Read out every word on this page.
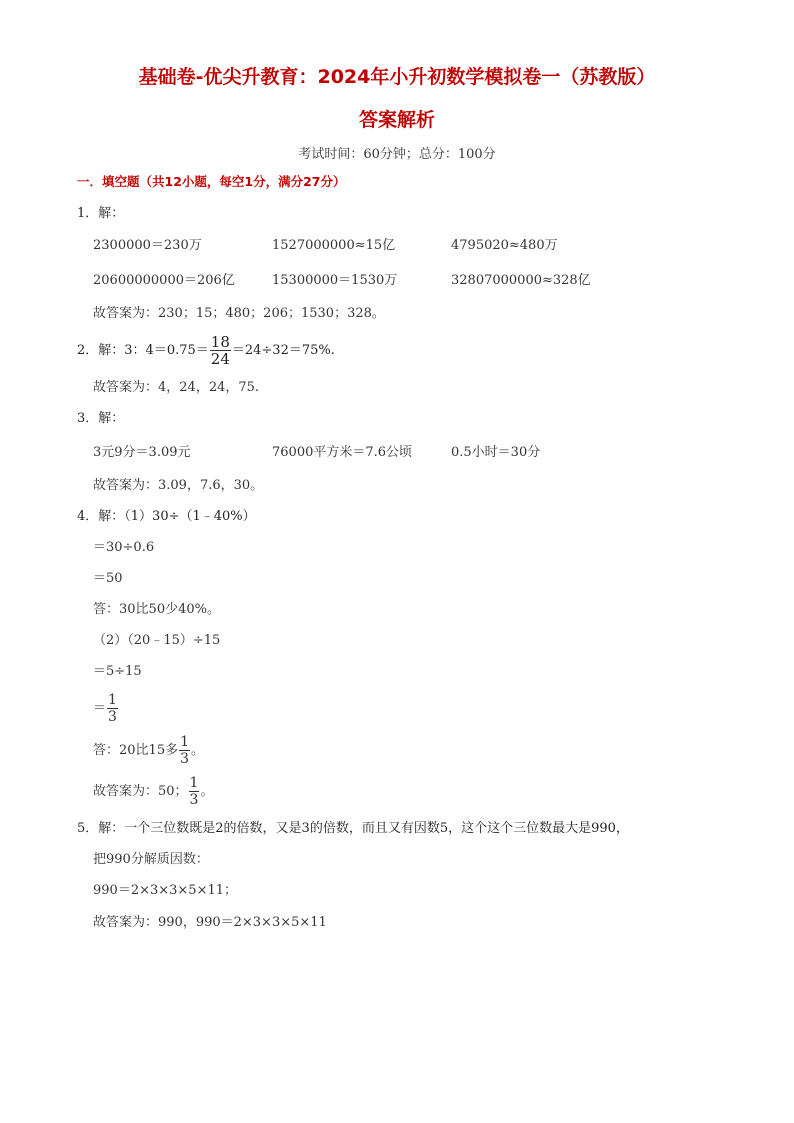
基础卷-优尖升教育：2024年小升初数学模拟卷一（苏教版）
答案解析
考试时间：60分钟；总分：100分
一．填空题（共12小题，每空1分，满分27分）
1．解：
2300000＝230万	1527000000≈15亿	4795020≈480万
20600000000＝206亿	15300000＝1530万	32807000000≈328亿
故答案为：230；15；480；206；1530；328。
2．解：3：$4=0.75= \frac{18}{24} =24\div 32=75\%$.
故答案为：4，24，24，75.
3．解：
3元9分＝3.09元	76000平方米＝7.6公顷	0.5小时＝30分
故答案为：3.09，7.6，30。
4．解：（1）30÷（1﹣40%）
＝30÷0.6
＝50
答：30比50少40%。
（2）（20﹣15）÷15
＝5÷15
＝ $\frac{1}{3}$
答：20比15多 $\frac{1}{3}$ 。
故答案为：50； $\frac{1}{3}$ 。
5．解：一个三位数既是2的倍数，又是3的倍数，而且又有因数5，这个这个三位数最大是990，
把990分解质因数：
990＝2×3×3×5×11；
故答案为：990，990＝2×3×3×5×11
